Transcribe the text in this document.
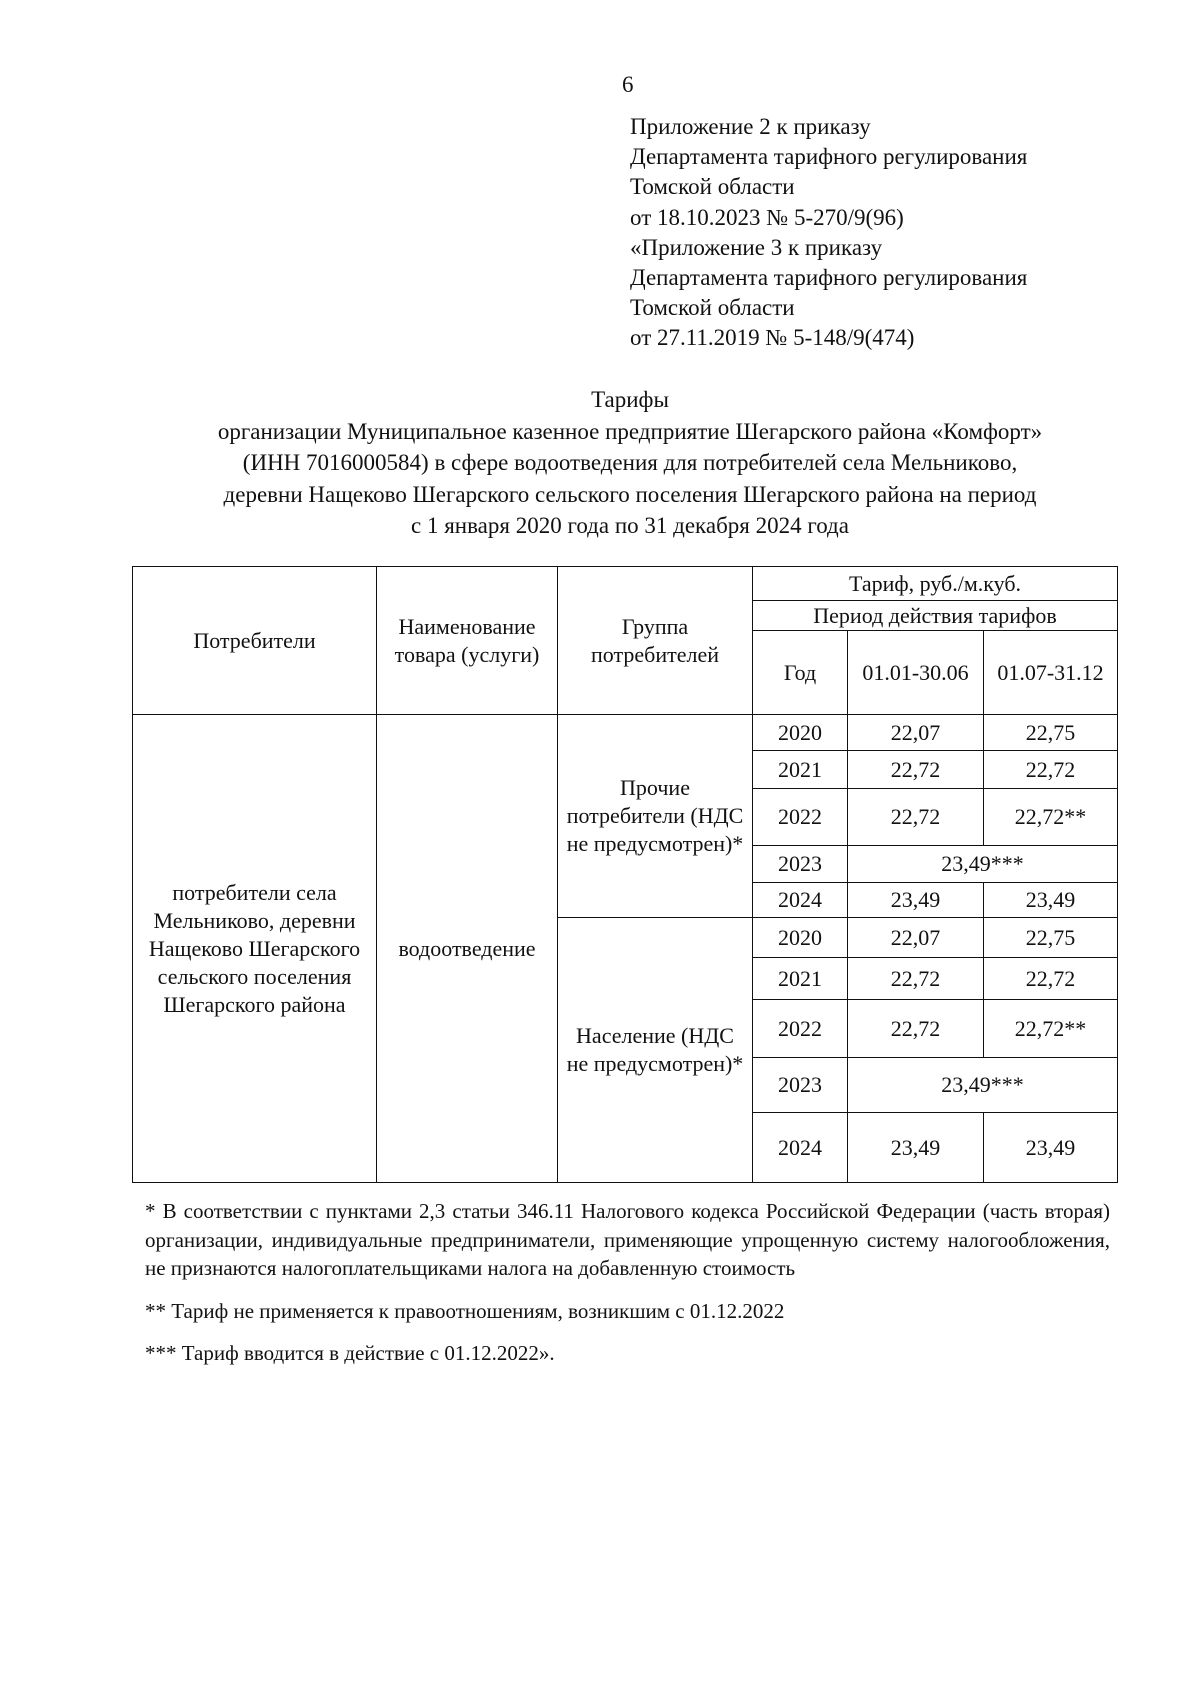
6
Приложение 2 к приказу
Департамента тарифного регулирования
Томской области
от 18.10.2023 № 5-270/9(96)
«Приложение 3 к приказу
Департамента тарифного регулирования
Томской области
от 27.11.2019 № 5-148/9(474)
Тарифы
организации Муниципальное казенное предприятие Шегарского района «Комфорт»
(ИНН 7016000584) в сфере водоотведения для потребителей села Мельниково,
деревни Нащеково Шегарского сельского поселения Шегарского района на период
с 1 января 2020 года по 31 декабря 2024 года
Потребители	Наименование товара (услуги)	Группа потребителей	Тариф, руб./м.куб.		
			Период действия тарифов		
			Год	01.01-30.06	01.07-31.12
потребители села Мельниково, деревни Нащеково Шегарского сельского поселения Шегарского района	водоотведение	Прочие потребители (НДС не предусмотрен)*	2020	22,07	22,75
			2021	22,72	22,72
			2022	22,72	22,72**
			2023	23,49***	
			2024	23,49	23,49
		Население (НДС не предусмотрен)*	2020	22,07	22,75
			2021	22,72	22,72
			2022	22,72	22,72**
			2023	23,49***	
			2024	23,49	23,49
* В соответствии с пунктами 2,3 статьи 346.11 Налогового кодекса Российской Федерации (часть вторая) организации, индивидуальные предприниматели, применяющие упрощенную систему налогообложения, не признаются налогоплательщиками налога на добавленную стоимость
** Тариф не применяется к правоотношениям, возникшим с 01.12.2022
*** Тариф вводится в действие с 01.12.2022».
